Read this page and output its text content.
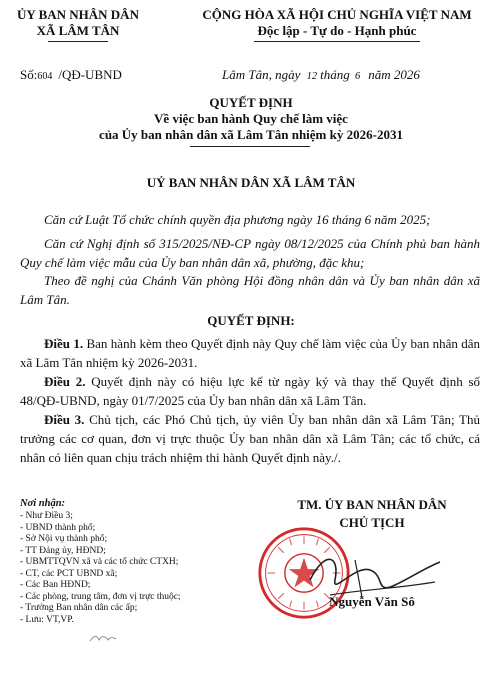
ỦY BAN NHÂN DÂN
XÃ LÂM TÂN
CỘNG HÒA XÃ HỘI CHỦ NGHĨA VIỆT NAM
Độc lập - Tự do - Hạnh phúc
Số:604 /QĐ-UBND	Lâm Tân, ngày 12 tháng 6 năm 2026
QUYẾT ĐỊNH
Về việc ban hành Quy chế làm việc
của Ủy ban nhân dân xã Lâm Tân nhiệm kỳ 2026-2031
UỶ BAN NHÂN DÂN XÃ LÂM TÂN
Căn cứ Luật Tổ chức chính quyền địa phương ngày 16 tháng 6 năm 2025;
Căn cứ Nghị định số 315/2025/NĐ-CP ngày 08/12/2025 của Chính phủ ban hành Quy chế làm việc mẫu của Ủy ban nhân dân xã, phường, đặc khu;
Theo đề nghị của Chánh Văn phòng Hội đồng nhân dân và Ủy ban nhân dân xã Lâm Tân.
QUYẾT ĐỊNH:
Điều 1. Ban hành kèm theo Quyết định này Quy chế làm việc của Ủy ban nhân dân xã Lâm Tân nhiệm kỳ 2026-2031.
Điều 2. Quyết định này có hiệu lực kể từ ngày ký và thay thế Quyết định số 48/QĐ-UBND, ngày 01/7/2025 của Ủy ban nhân dân xã Lâm Tân.
Điều 3. Chủ tịch, các Phó Chủ tịch, ủy viên Ủy ban nhân dân xã Lâm Tân; Thủ trưởng các cơ quan, đơn vị trực thuộc Ủy ban nhân dân xã Lâm Tân; các tổ chức, cá nhân có liên quan chịu trách nhiệm thi hành Quyết định này./.
Nơi nhận:
- Như Điều 3;
- UBND thành phố;
- Sở Nội vụ thành phố;
- TT Đảng ủy, HĐND;
- UBMTTQVN xã và các tổ chức CTXH;
- CT, các PCT UBND xã;
- Các Ban HĐND;
- Các phòng, trung tâm, đơn vị trực thuộc;
- Trưởng Ban nhân dân các ấp;
- Lưu: VT,VP.
TM. ỦY BAN NHÂN DÂN
CHỦ TỊCH
Nguyễn Văn Sô
